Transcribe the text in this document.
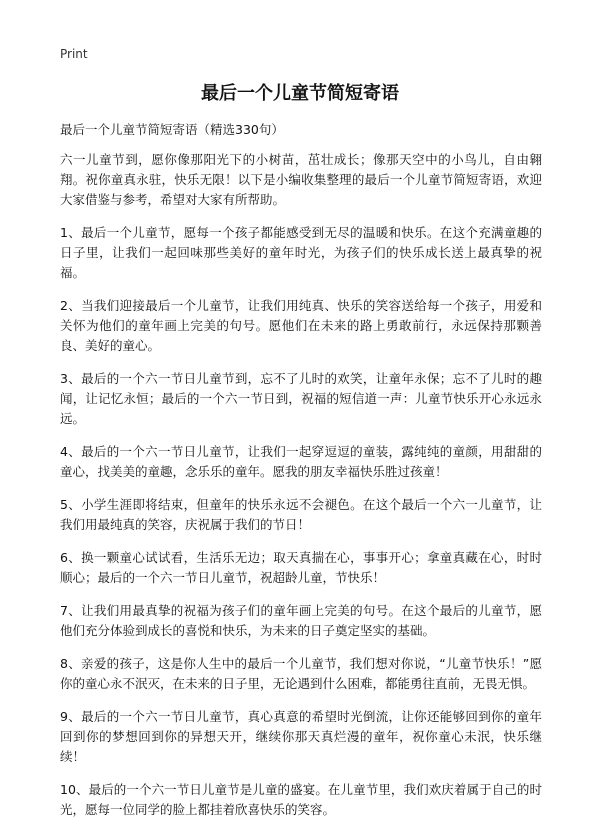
Print
最后一个儿童节简短寄语

最后一个儿童节简短寄语（精选330句）

六一儿童节到，愿你像那阳光下的小树苗，茁壮成长；像那天空中的小鸟儿，自由翱翔。祝你童真永驻，快乐无限！以下是小编收集整理的最后一个儿童节简短寄语，欢迎大家借鉴与参考，希望对大家有所帮助。

1、最后一个儿童节，愿每一个孩子都能感受到无尽的温暖和快乐。在这个充满童趣的日子里，让我们一起回味那些美好的童年时光，为孩子们的快乐成长送上最真挚的祝福。

2、当我们迎接最后一个儿童节，让我们用纯真、快乐的笑容送给每一个孩子，用爱和关怀为他们的童年画上完美的句号。愿他们在未来的路上勇敢前行，永远保持那颗善良、美好的童心。

3、最后的一个六一节日儿童节到，忘不了儿时的欢笑，让童年永保；忘不了儿时的趣闻，让记忆永恒；最后的一个六一节日到，祝福的短信道一声：儿童节快乐开心永远永远。

4、最后的一个六一节日儿童节，让我们一起穿逗逗的童装，露纯纯的童颜，用甜甜的童心，找美美的童趣，念乐乐的童年。愿我的朋友幸福快乐胜过孩童！

5、小学生涯即将结束，但童年的快乐永远不会褪色。在这个最后一个六一儿童节，让我们用最纯真的笑容，庆祝属于我们的节日！

6、换一颗童心试试看，生活乐无边；取天真揣在心，事事开心；拿童真藏在心，时时顺心；最后的一个六一节日儿童节，祝超龄儿童，节快乐！

7、让我们用最真挚的祝福为孩子们的童年画上完美的句号。在这个最后的儿童节，愿他们充分体验到成长的喜悦和快乐，为未来的日子奠定坚实的基础。

8、亲爱的孩子，这是你人生中的最后一个儿童节，我们想对你说，“儿童节快乐！”愿你的童心永不泯灭，在未来的日子里，无论遇到什么困难，都能勇往直前，无畏无惧。

9、最后的一个六一节日儿童节，真心真意的希望时光倒流，让你还能够回到你的童年回到你的梦想回到你的异想天开，继续你那天真烂漫的童年，祝你童心未泯，快乐继续！

10、最后的一个六一节日儿童节是儿童的盛宴。在儿童节里，我们欢庆着属于自己的时光，愿每一位同学的脸上都挂着欣喜快乐的笑容。
